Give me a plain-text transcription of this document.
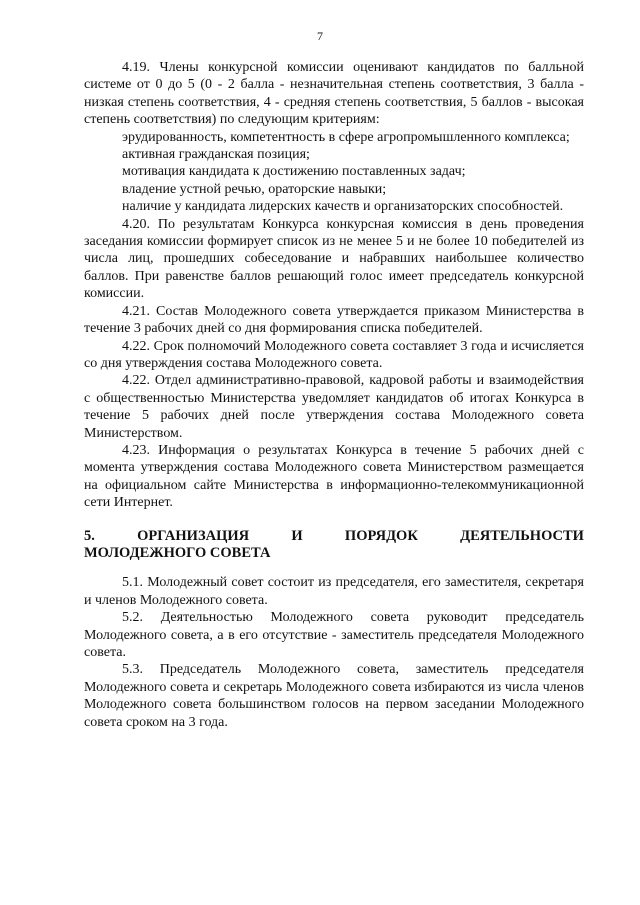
7

4.19. Члены конкурсной комиссии оценивают кандидатов по балльной системе от 0 до 5 (0 - 2 балла - незначительная степень соответствия, 3 балла - низкая степень соответствия, 4 - средняя степень соответствия, 5 баллов - высокая степень соответствия) по следующим критериям:

эрудированность, компетентность в сфере агропромышленного комплекса;

активная гражданская позиция;

мотивация кандидата к достижению поставленных задач;

владение устной речью, ораторские навыки;

наличие у кандидата лидерских качеств и организаторских способностей.

4.20. По результатам Конкурса конкурсная комиссия в день проведения заседания комиссии формирует список из не менее 5 и не более 10 победителей из числа лиц, прошедших собеседование и набравших наибольшее количество баллов. При равенстве баллов решающий голос имеет председатель конкурсной комиссии.

4.21. Состав Молодежного совета утверждается приказом Министерства в течение 3 рабочих дней со дня формирования списка победителей.

4.22. Срок полномочий Молодежного совета составляет 3 года и исчисляется со дня утверждения состава Молодежного совета.

4.22. Отдел административно-правовой, кадровой работы и взаимодействия с общественностью Министерства уведомляет кандидатов об итогах Конкурса в течение 5 рабочих дней после утверждения состава Молодежного совета Министерством.

4.23. Информация о результатах Конкурса в течение 5 рабочих дней с момента утверждения состава Молодежного совета Министерством размещается на официальном сайте Министерства в информационно-телекоммуникационной сети Интернет.

5.	ОРГАНИЗАЦИЯ	И	ПОРЯДОК	ДЕЯТЕЛЬНОСТИ
МОЛОДЕЖНОГО СОВЕТА

5.1. Молодежный совет состоит из председателя, его заместителя, секретаря и членов Молодежного совета.

5.2. Деятельностью Молодежного совета руководит председатель Молодежного совета, а в его отсутствие - заместитель председателя Молодежного совета.

5.3. Председатель Молодежного совета, заместитель председателя Молодежного совета и секретарь Молодежного совета избираются из числа членов Молодежного совета большинством голосов на первом заседании Молодежного совета сроком на 3 года.
